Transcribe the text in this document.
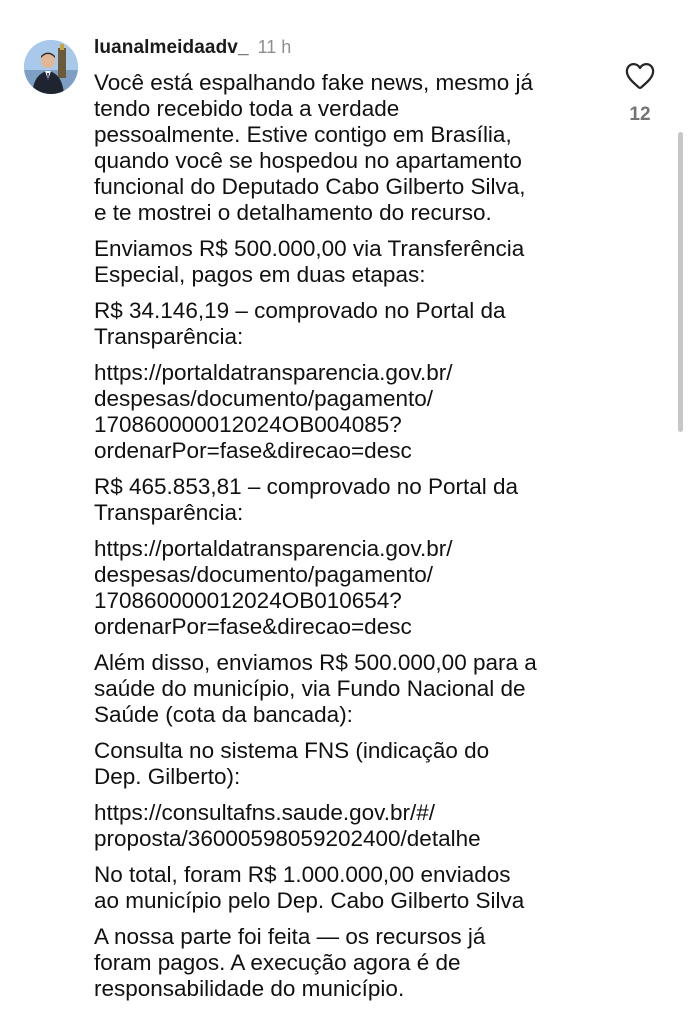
luanalmeidaadv_ 11 h
Você está espalhando fake news, mesmo já
tendo recebido toda a verdade
pessoalmente. Estive contigo em Brasília,
quando você se hospedou no apartamento
funcional do Deputado Cabo Gilberto Silva,
e te mostrei o detalhamento do recurso.
Enviamos R$ 500.000,00 via Transferência
Especial, pagos em duas etapas:
R$ 34.146,19 – comprovado no Portal da
Transparência:
https://portaldatransparencia.gov.br/
despesas/documento/pagamento/
170860000012024OB004085?
ordenarPor=fase&direcao=desc
R$ 465.853,81 – comprovado no Portal da
Transparência:
https://portaldatransparencia.gov.br/
despesas/documento/pagamento/
170860000012024OB010654?
ordenarPor=fase&direcao=desc
Além disso, enviamos R$ 500.000,00 para a
saúde do município, via Fundo Nacional de
Saúde (cota da bancada):
Consulta no sistema FNS (indicação do
Dep. Gilberto):
https://consultafns.saude.gov.br/#/
proposta/36000598059202400/detalhe
No total, foram R$ 1.000.000,00 enviados
ao município pelo Dep. Cabo Gilberto Silva
A nossa parte foi feita — os recursos já
foram pagos. A execução agora é de
responsabilidade do município.
12
